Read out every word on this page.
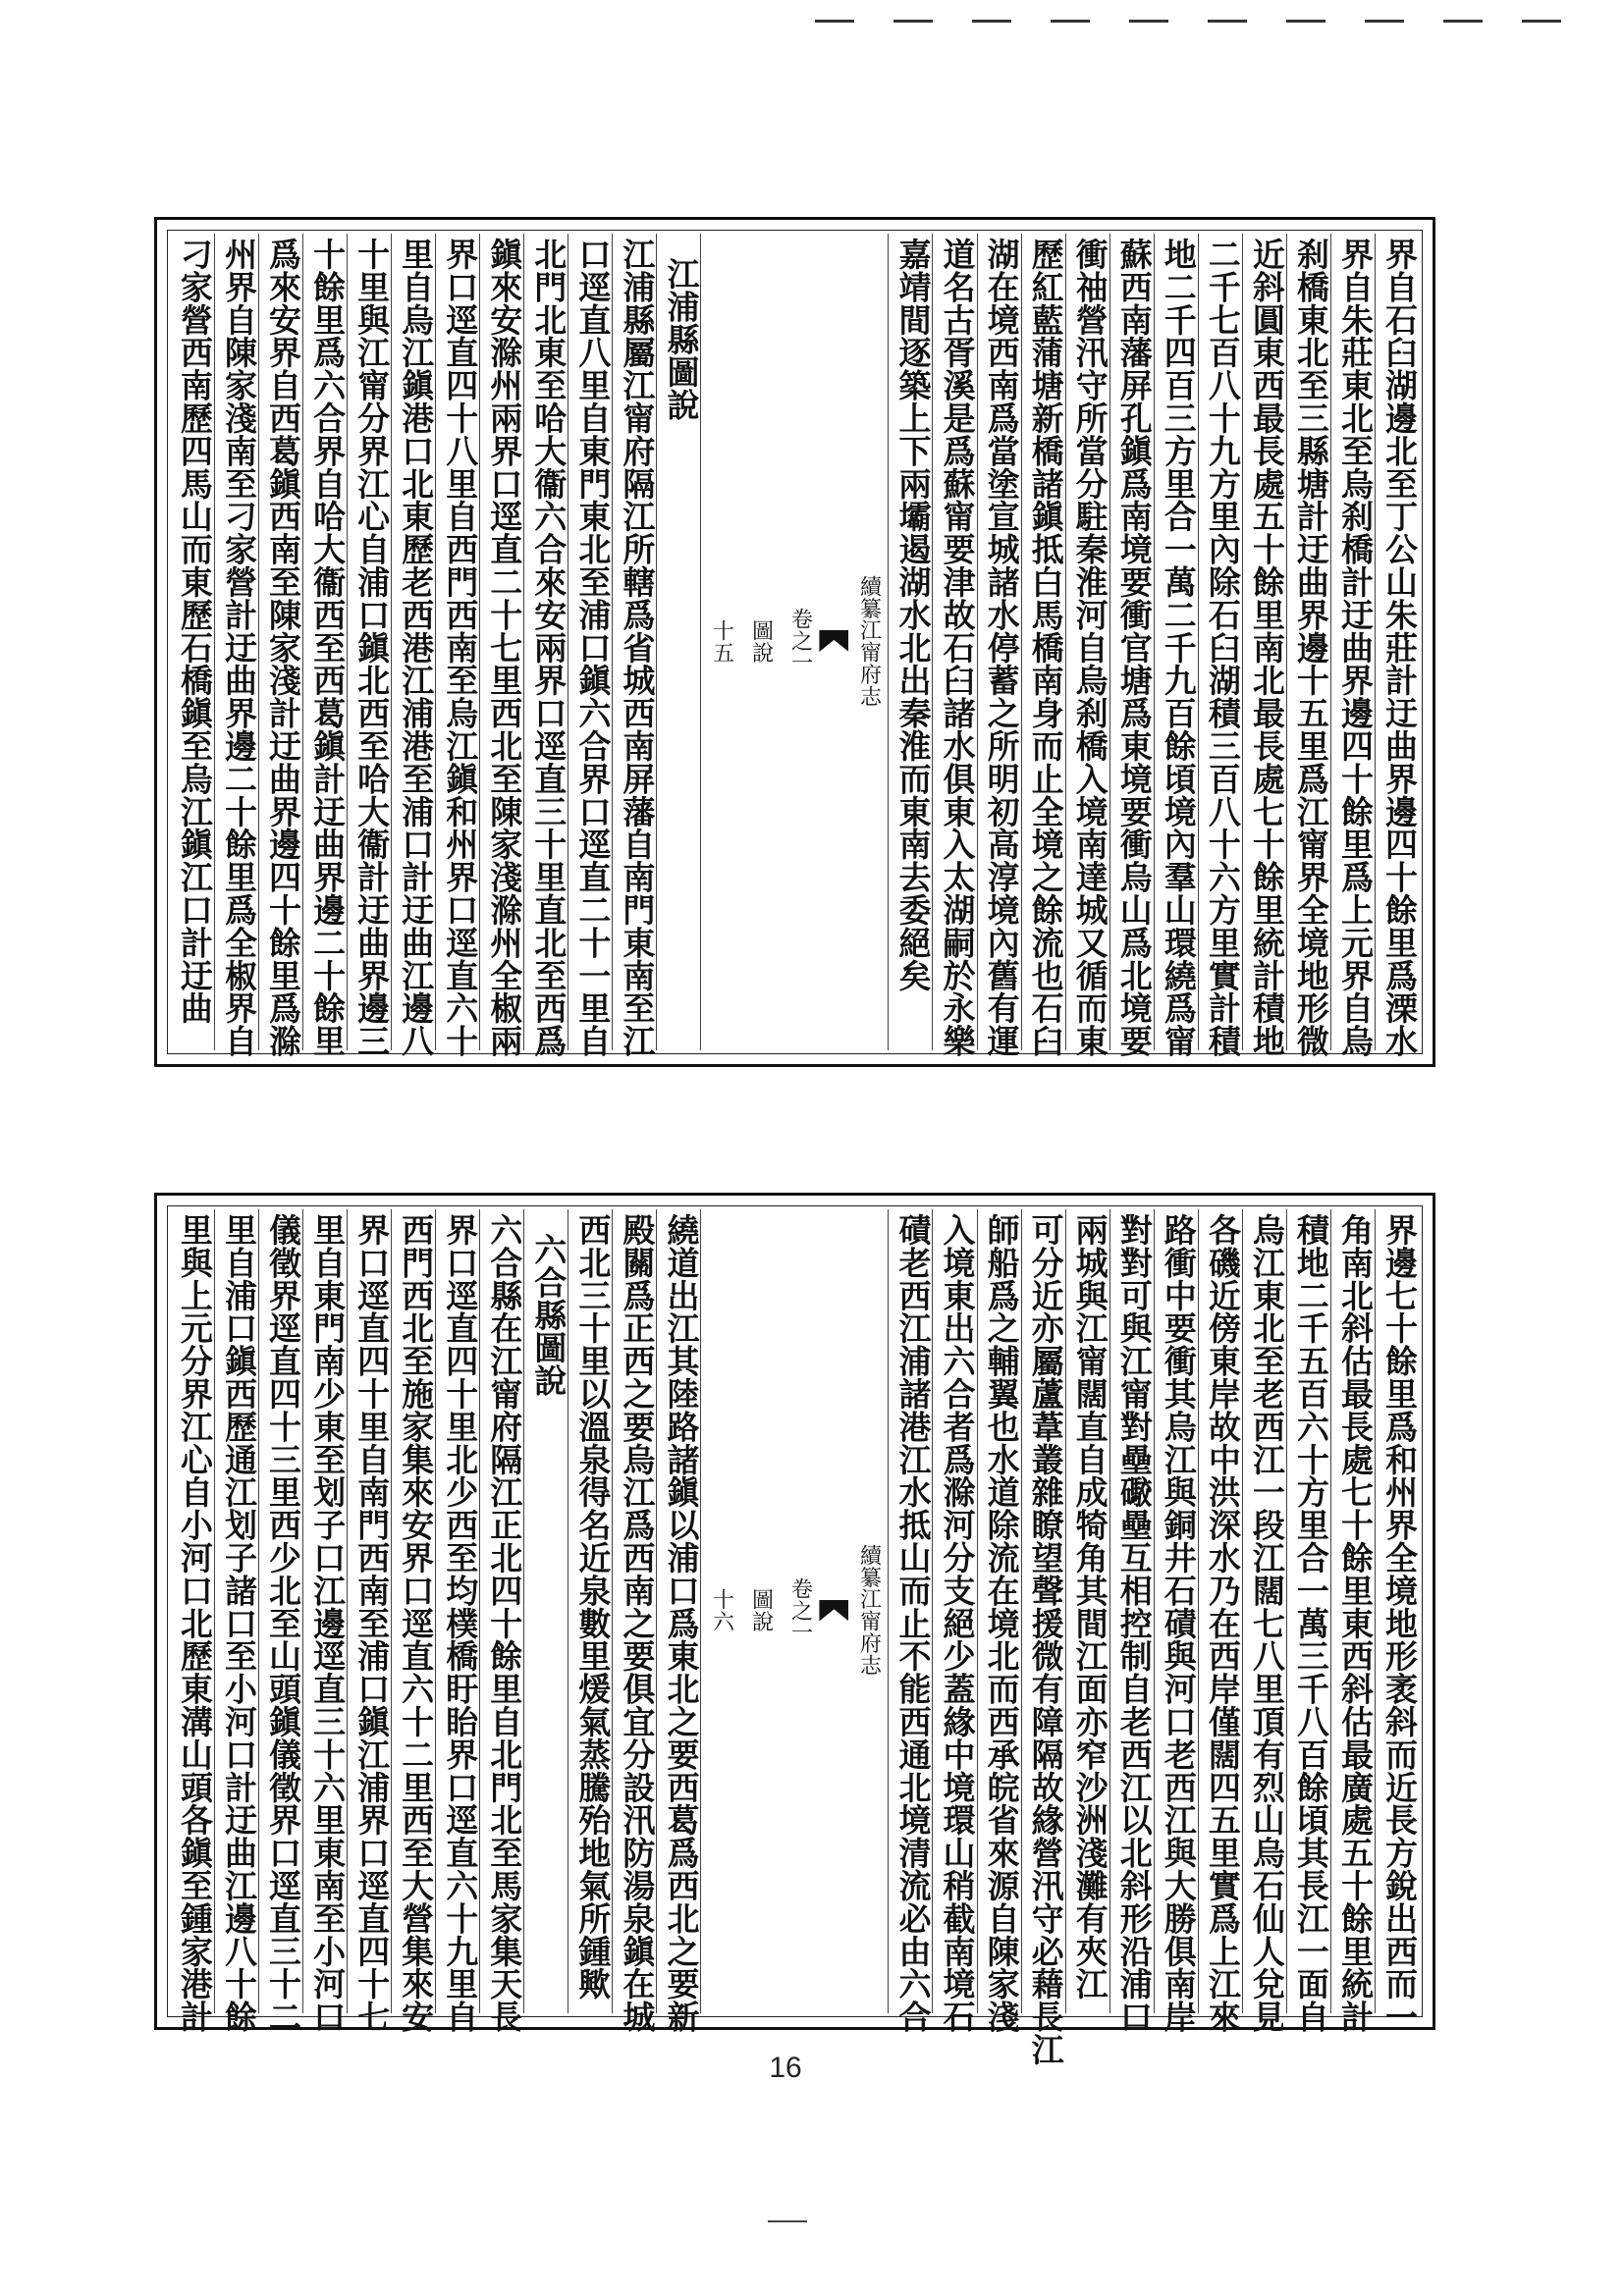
界自石臼湖邊北至丁公山朱莊計迂曲界邊四十餘里爲溧水
界自朱莊東北至烏刹橋計迂曲界邊四十餘里爲上元界自烏
刹橋東北至三縣塘計迂曲界邊十五里爲江甯界全境地形微
近斜圓東西最長處五十餘里南北最長處七十餘里統計積地
二千七百八十九方里內除石臼湖積三百八十六方里實計積
地二千四百三方里合一萬二千九百餘頃境內羣山環繞爲甯
蘇西南藩屏孔鎭爲南境要衝官塘爲東境要衝烏山爲北境要
衝䄂營汛守所當分駐秦淮河自烏刹橋入境南達城又循而東
歷紅藍蒲塘新橋諸鎭抵白馬橋南身而止全境之餘流也石臼
湖在境西南爲當塗宣城諸水停蓄之所明初高淳境內舊有運
道名古胥溪是爲蘇甯要津故石臼諸水俱東入太湖嗣於永樂
嘉靖間逐築上下兩壩遏湖水北出秦淮而東南去委絕矣
續纂江甯府志
卷之一
圖說
十五
江浦縣圖說
江浦縣屬江甯府隔江所轄爲省城西南屏藩自南門東南至江
口逕直八里自東門東北至浦口鎭六合界口逕直二十一里自
北門北東至哈大衞六合來安兩界口逕直三十里直北至西爲
鎭來安滁州兩界口逕直二十七里西北至陳家淺滁州全椒兩
界口逕直四十八里自西門西南至烏江鎭和州界口逕直六十
里自烏江鎭港口北東歷老西港江浦港至浦口計迂曲江邊八
十里與江甯分界江心自浦口鎭北西至哈大衞計迂曲界邊三
十餘里爲六合界自哈大衞西至西葛鎭計迂曲界邊二十餘里
爲來安界自西葛鎭西南至陳家淺計迂曲界邊四十餘里爲滁
州界自陳家淺南至刁家營計迂曲界邊二十餘里爲全椒界自
刁家營西南歷四馬山而東歷石橋鎭至烏江鎭江口計迂曲
界邊七十餘里爲和州界全境地形袤斜而近長方銳出西而一
角南北斜估最長處七十餘里東西斜估最廣處五十餘里統計
積地二千五百六十方里合一萬三千八百餘頃其長江一面自
烏江東北至老西江一段江闊七八里頂有烈山烏石仙人兌見
各磯近傍東岸故中洪深水乃在西岸僅闊四五里實爲上江來
路衝中要衝其烏江與銅井石磧與河口老西江與大勝俱南岸
對對可與江甯對壘礮壘互相控制自老西江以北斜形沿浦口
兩城與江甯闊直自成犄角其間江面亦窄沙洲淺灘有夾江
可分近亦屬蘆葦叢雜瞭望聲援微有障隔故緣營汛守必藉長江
師船爲之輔翼也水道除流在境北而西承皖省來源自陳家淺
入境東出六合者爲滁河分支絕少蓋緣中境環山稍截南境石
磧老西江浦諸港江水抵山而止不能西通北境清流必由六合
續纂江甯府志
卷之一
圖說
十六
繞道出江其陸路諸鎭以浦口爲東北之要西葛爲西北之要新
殿關爲正西之要烏江爲西南之要俱宜分設汛防湯泉鎭在城
西北三十里以溫泉得名近泉數里煖氣蒸騰殆地氣所鍾歟
六合縣圖說
六合縣在江甯府隔江正北四十餘里自北門北至馬家集天長
界口逕直四十里北少西至均樸橋盱眙界口逕直六十九里自
西門西北至施家集來安界口逕直六十二里西至大營集來安
界口逕直四十里自南門西南至浦口鎭江浦界口逕直四十七
里自東門南少東至划子口江邊逕直三十六里東南至小河口
儀徵界逕直四十三里西少北至山頭鎭儀徵界口逕直三十二
里自浦口鎭西歷通江划子諸口至小河口計迂曲江邊八十餘
里與上元分界江心自小河口北歷東溝山頭各鎭至鍾家港計
16
